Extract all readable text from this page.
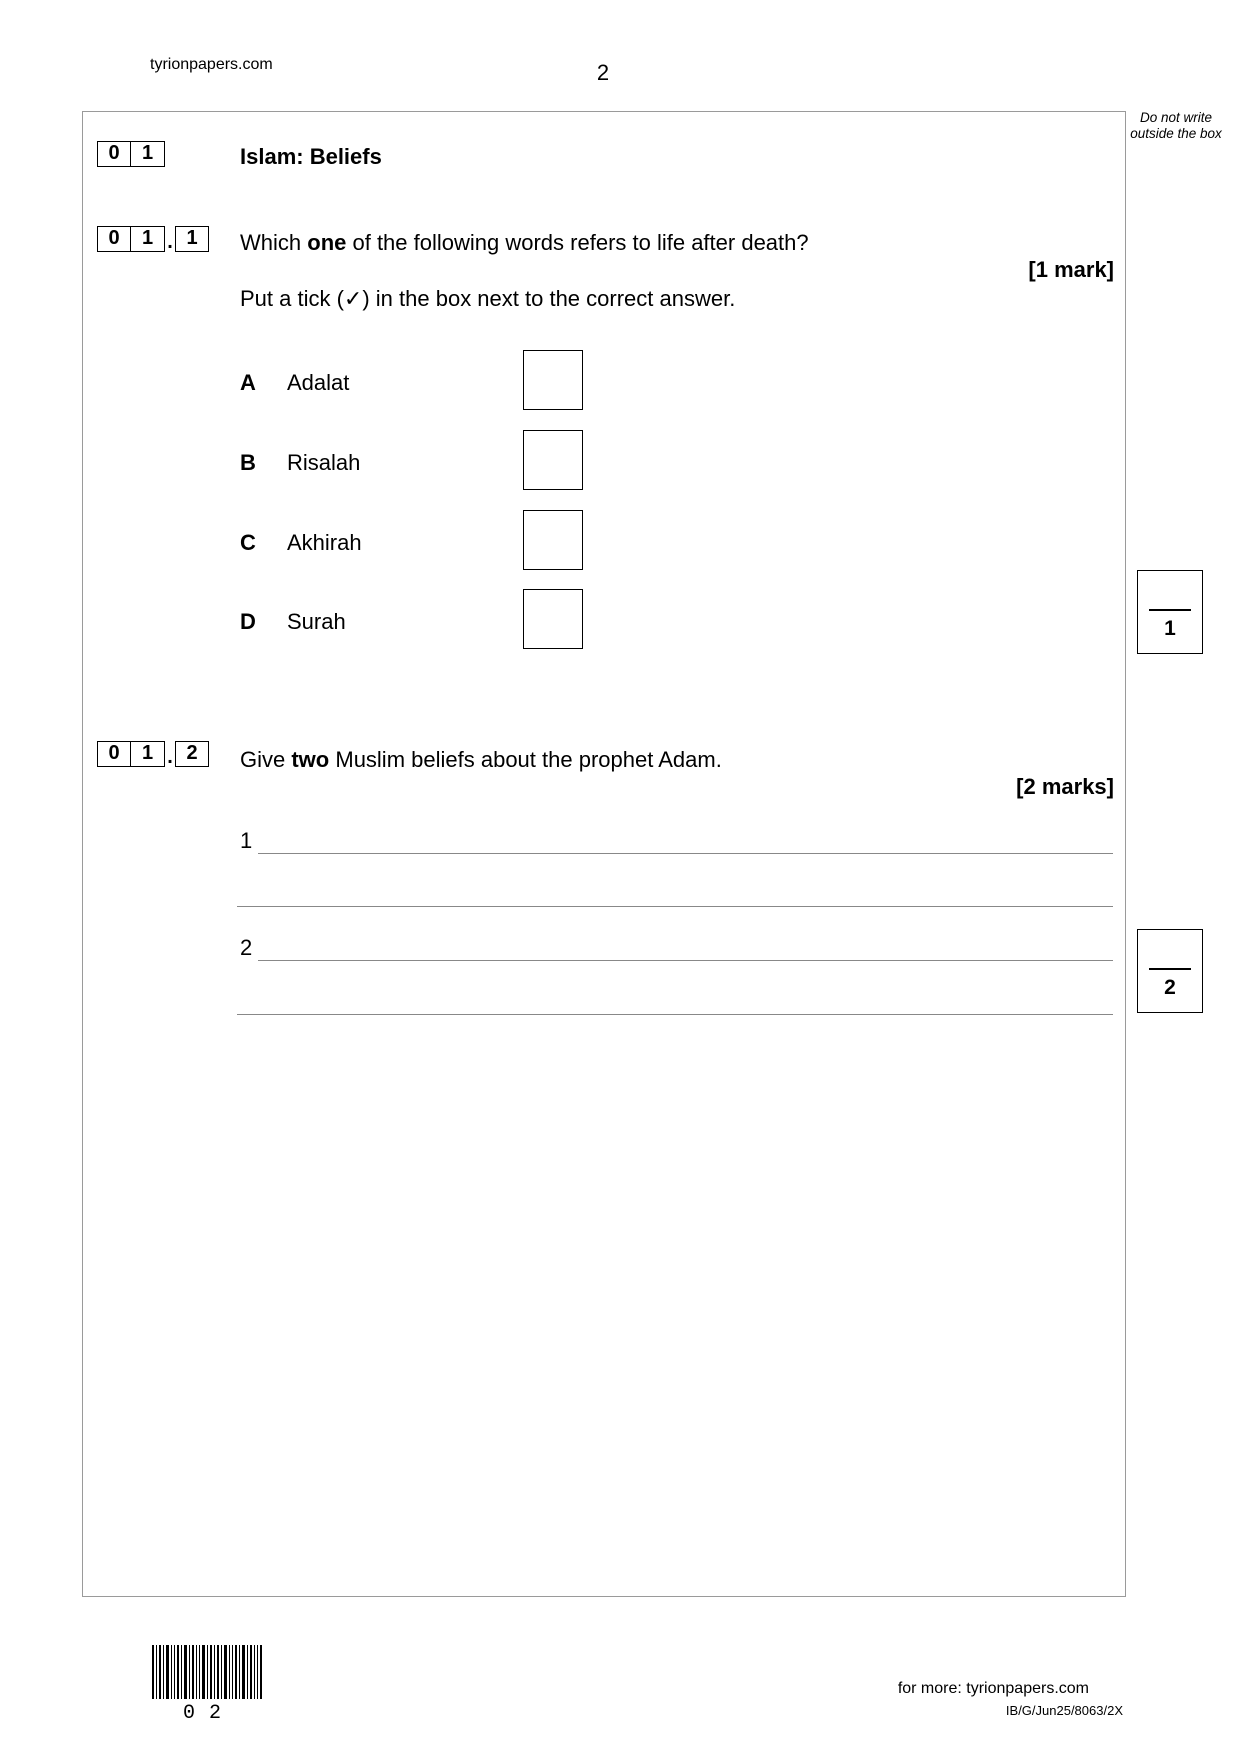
tyrionpapers.com	2
Do not write outside the box
0	1	Islam: Beliefs
0	1 . 1	Which one of the following words refers to life after death?
[1 mark]
Put a tick (✓) in the box next to the correct answer.
A Adalat
B Risalah
C Akhirah
D Surah	1
0	1 . 2	Give two Muslim beliefs about the prophet Adam.
[2 marks]
1
2
2
02
for more: tyrionpapers.com
IB/G/Jun25/8063/2X
